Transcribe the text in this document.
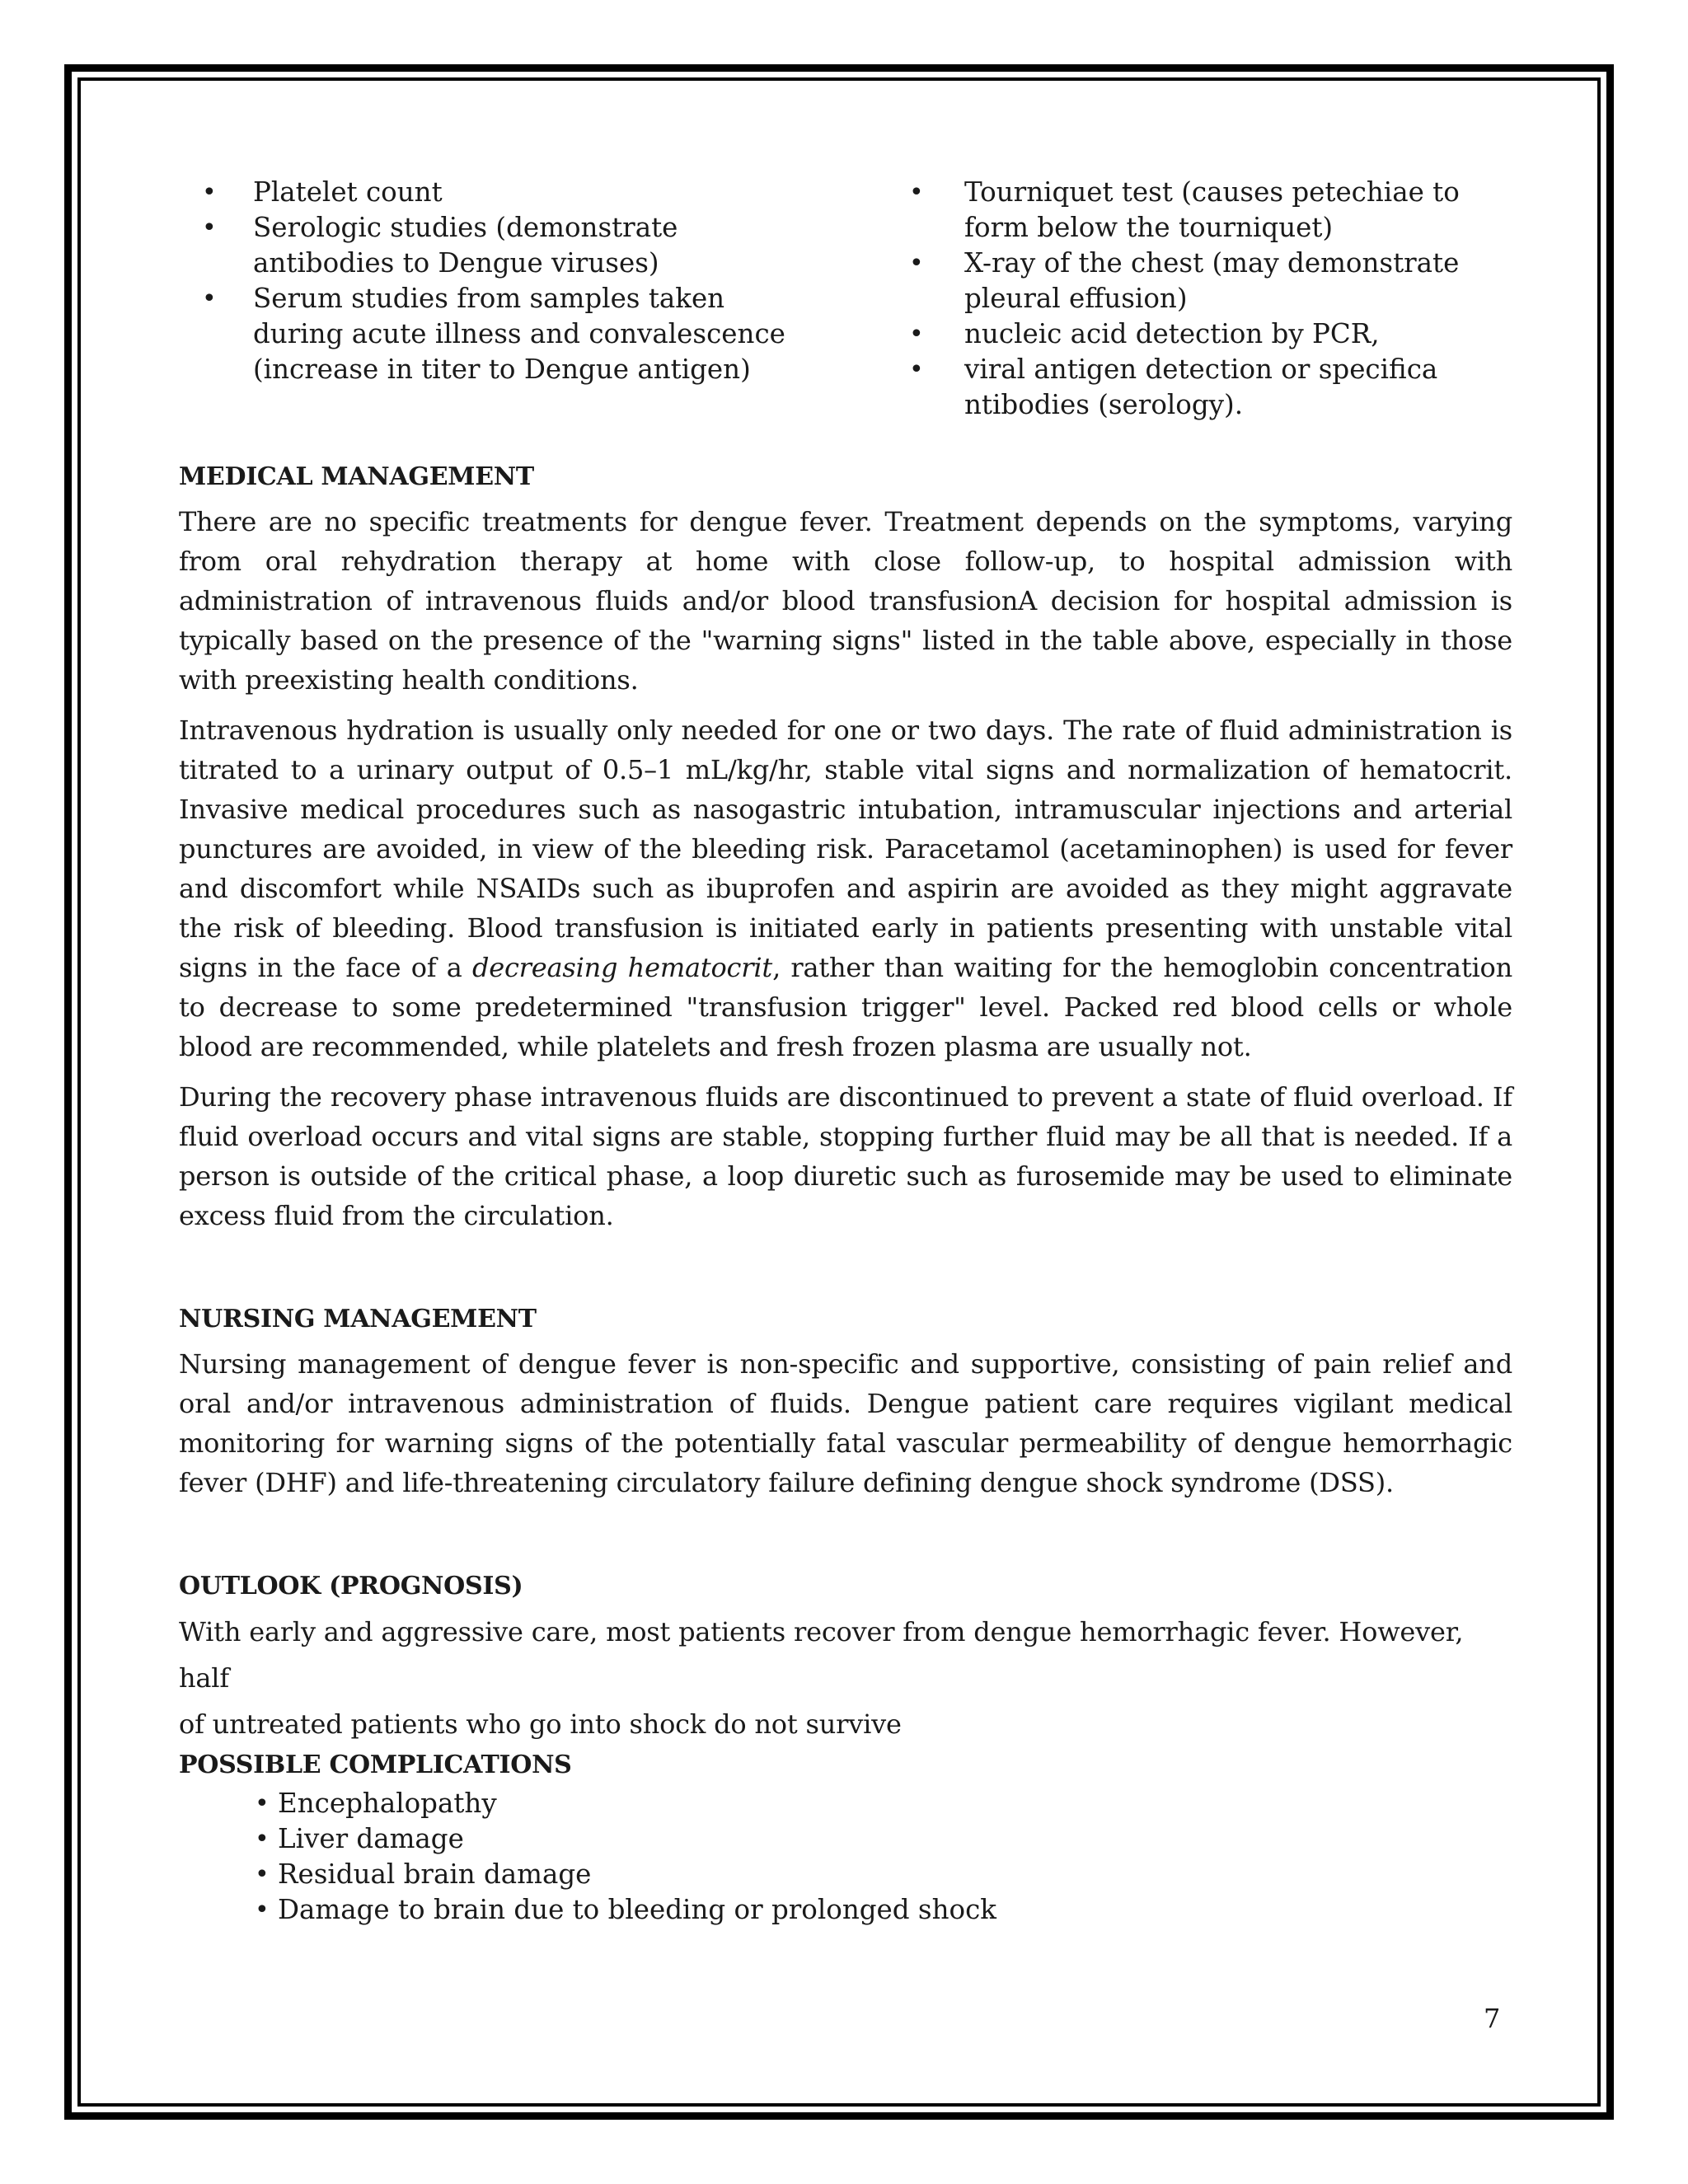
• Platelet count
• Serologic studies (demonstrate antibodies to Dengue viruses)
• Serum studies from samples taken during acute illness and convalescence (increase in titer to Dengue antigen)
• Tourniquet test (causes petechiae to form below the tourniquet)
• X-ray of the chest (may demonstrate pleural effusion)
• nucleic acid detection by PCR,
• viral antigen detection or specifica ntibodies (serology).
MEDICAL MANAGEMENT

There are no specific treatments for dengue fever. Treatment depends on the symptoms, varying from oral rehydration therapy at home with close follow-up, to hospital admission with administration of intravenous fluids and/or blood transfusionA decision for hospital admission is typically based on the presence of the "warning signs" listed in the table above, especially in those with preexisting health conditions.

Intravenous hydration is usually only needed for one or two days. The rate of fluid administration is titrated to a urinary output of 0.5–1 mL/kg/hr, stable vital signs and normalization of hematocrit. Invasive medical procedures such as nasogastric intubation, intramuscular injections and arterial punctures are avoided, in view of the bleeding risk. Paracetamol (acetaminophen) is used for fever and discomfort while NSAIDs such as ibuprofen and aspirin are avoided as they might aggravate the risk of bleeding. Blood transfusion is initiated early in patients presenting with unstable vital signs in the face of a decreasing hematocrit, rather than waiting for the hemoglobin concentration to decrease to some predetermined "transfusion trigger" level. Packed red blood cells or whole blood are recommended, while platelets and fresh frozen plasma are usually not.

During the recovery phase intravenous fluids are discontinued to prevent a state of fluid overload. If fluid overload occurs and vital signs are stable, stopping further fluid may be all that is needed. If a person is outside of the critical phase, a loop diuretic such as furosemide may be used to eliminate excess fluid from the circulation.

NURSING MANAGEMENT

Nursing management of dengue fever is non-specific and supportive, consisting of pain relief and oral and/or intravenous administration of fluids. Dengue patient care requires vigilant medical monitoring for warning signs of the potentially fatal vascular permeability of dengue hemorrhagic fever (DHF) and life-threatening circulatory failure defining dengue shock syndrome (DSS).

OUTLOOK (PROGNOSIS)

With early and aggressive care, most patients recover from dengue hemorrhagic fever. However, half
of untreated patients who go into shock do not survive

POSSIBLE COMPLICATIONS
• Encephalopathy
• Liver damage
• Residual brain damage
• Damage to brain due to bleeding or prolonged shock
7
